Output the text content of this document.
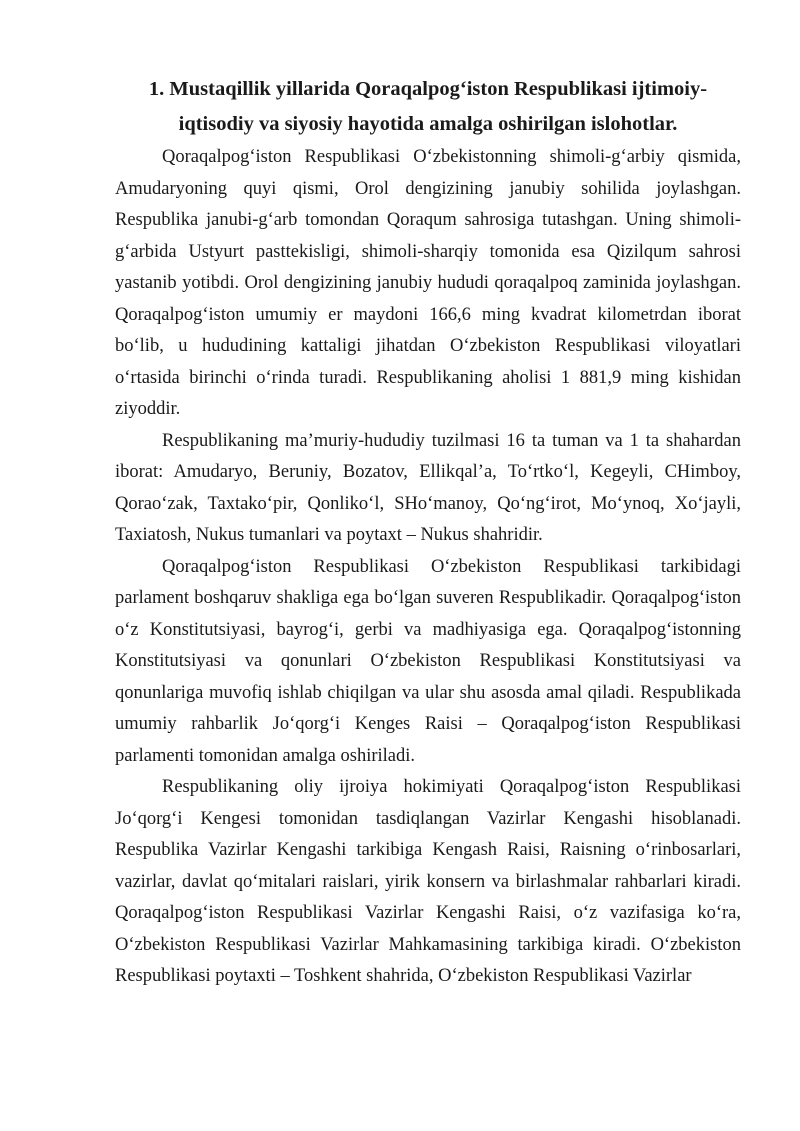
1. Mustaqillik yillarida Qoraqalpog‘iston Respublikasi ijtimoiy-iqtisodiy va siyosiy hayotida amalga oshirilgan islohotlar.

Qoraqalpog‘iston Respublikasi O‘zbekistonning shimoli-g‘arbiy qismida, Amudaryoning quyi qismi, Orol dengizining janubiy sohilida joylashgan. Respublika janubi-g‘arb tomondan Qoraqum sahrosiga tutashgan. Uning shimoli-g‘arbida Ustyurt pasttekisligi, shimoli-sharqiy tomonida esa Qizilqum sahrosi yastanib yotibdi. Orol dengizining janubiy hududi qoraqalpoq zaminida joylashgan. Qoraqalpog‘iston umumiy er maydoni 166,6 ming kvadrat kilometrdan iborat bo‘lib, u hududining kattaligi jihatdan O‘zbekiston Respublikasi viloyatlari o‘rtasida birinchi o‘rinda turadi. Respublikaning aholisi 1 881,9 ming kishidan ziyoddir.

Respublikaning ma’muriy-hududiy tuzilmasi 16 ta tuman va 1 ta shahardan iborat: Amudaryo, Beruniy, Bozatov, Ellikqal’a, To‘rtko‘l, Kegeyli, CHimboy, Qorao‘zak, Taxtako‘pir, Qonliko‘l, SHo‘manoy, Qo‘ng‘irot, Mo‘ynoq, Xo‘jayli, Taxiatosh, Nukus tumanlari va poytaxt – Nukus shahridir.

Qoraqalpog‘iston Respublikasi O‘zbekiston Respublikasi tarkibidagi parlament boshqaruv shakliga ega bo‘lgan suveren Respublikadir. Qoraqalpog‘iston o‘z Konstitutsiyasi, bayrog‘i, gerbi va madhiyasiga ega. Qoraqalpog‘istonning Konstitutsiyasi va qonunlari O‘zbekiston Respublikasi Konstitutsiyasi va qonunlariga muvofiq ishlab chiqilgan va ular shu asosda amal qiladi. Respublikada umumiy rahbarlik Jo‘qorg‘i Kenges Raisi – Qoraqalpog‘iston Respublikasi parlamenti tomonidan amalga oshiriladi.

Respublikaning oliy ijroiya hokimiyati Qoraqalpog‘iston Respublikasi Jo‘qorg‘i Kengesi tomonidan tasdiqlangan Vazirlar Kengashi hisoblanadi. Respublika Vazirlar Kengashi tarkibiga Kengash Raisi, Raisning o‘rinbosarlari, vazirlar, davlat qo‘mitalari raislari, yirik konsern va birlashmalar rahbarlari kiradi. Qoraqalpog‘iston Respublikasi Vazirlar Kengashi Raisi, o‘z vazifasiga ko‘ra, O‘zbekiston Respublikasi Vazirlar Mahkamasining tarkibiga kiradi. O‘zbekiston Respublikasi poytaxti – Toshkent shahrida, O‘zbekiston Respublikasi Vazirlar
